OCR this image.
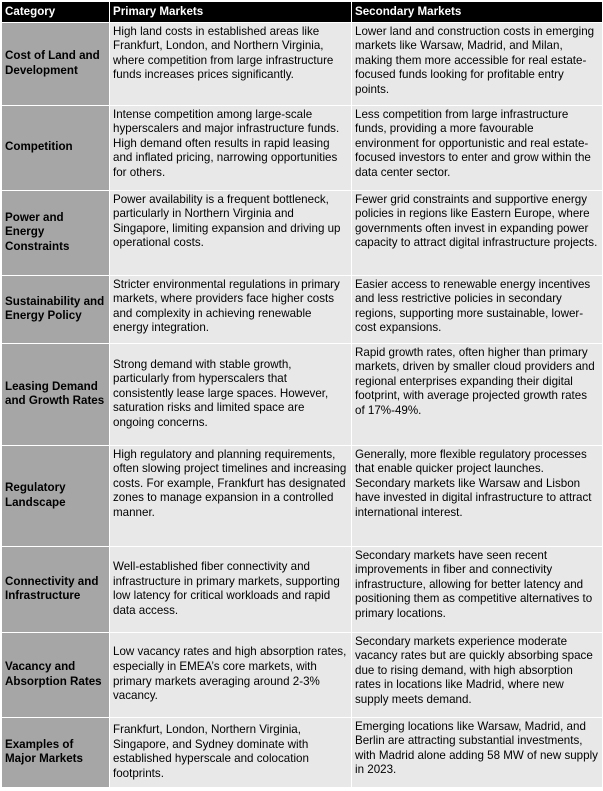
Category	Primary Markets	Secondary Markets
Cost of Land and Development	High land costs in established areas like Frankfurt, London, and Northern Virginia, where competition from large infrastructure funds increases prices significantly.	Lower land and construction costs in emerging markets like Warsaw, Madrid, and Milan, making them more accessible for real estate-focused funds looking for profitable entry points.
Competition	Intense competition among large-scale hyperscalers and major infrastructure funds. High demand often results in rapid leasing and inflated pricing, narrowing opportunities for others.	Less competition from large infrastructure funds, providing a more favourable environment for opportunistic and real estate-focused investors to enter and grow within the data center sector.
Power and Energy Constraints	Power availability is a frequent bottleneck, particularly in Northern Virginia and Singapore, limiting expansion and driving up operational costs.	Fewer grid constraints and supportive energy policies in regions like Eastern Europe, where governments often invest in expanding power capacity to attract digital infrastructure projects.
Sustainability and Energy Policy	Stricter environmental regulations in primary markets, where providers face higher costs and complexity in achieving renewable energy integration.	Easier access to renewable energy incentives and less restrictive policies in secondary regions, supporting more sustainable, lower-cost expansions.
Leasing Demand and Growth Rates	Strong demand with stable growth, particularly from hyperscalers that consistently lease large spaces. However, saturation risks and limited space are ongoing concerns.	Rapid growth rates, often higher than primary markets, driven by smaller cloud providers and regional enterprises expanding their digital footprint, with average projected growth rates of 17%-49%.
Regulatory Landscape	High regulatory and planning requirements, often slowing project timelines and increasing costs. For example, Frankfurt has designated zones to manage expansion in a controlled manner.	Generally, more flexible regulatory processes that enable quicker project launches. Secondary markets like Warsaw and Lisbon have invested in digital infrastructure to attract international interest.
Connectivity and Infrastructure	Well-established fiber connectivity and infrastructure in primary markets, supporting low latency for critical workloads and rapid data access.	Secondary markets have seen recent improvements in fiber and connectivity infrastructure, allowing for better latency and positioning them as competitive alternatives to primary locations.
Vacancy and Absorption Rates	Low vacancy rates and high absorption rates, especially in EMEA’s core markets, with primary markets averaging around 2-3% vacancy.	Secondary markets experience moderate vacancy rates but are quickly absorbing space due to rising demand, with high absorption rates in locations like Madrid, where new supply meets demand.
Examples of Major Markets	Frankfurt, London, Northern Virginia, Singapore, and Sydney dominate with established hyperscale and colocation footprints.	Emerging locations like Warsaw, Madrid, and Berlin are attracting substantial investments, with Madrid alone adding 58 MW of new supply in 2023.
